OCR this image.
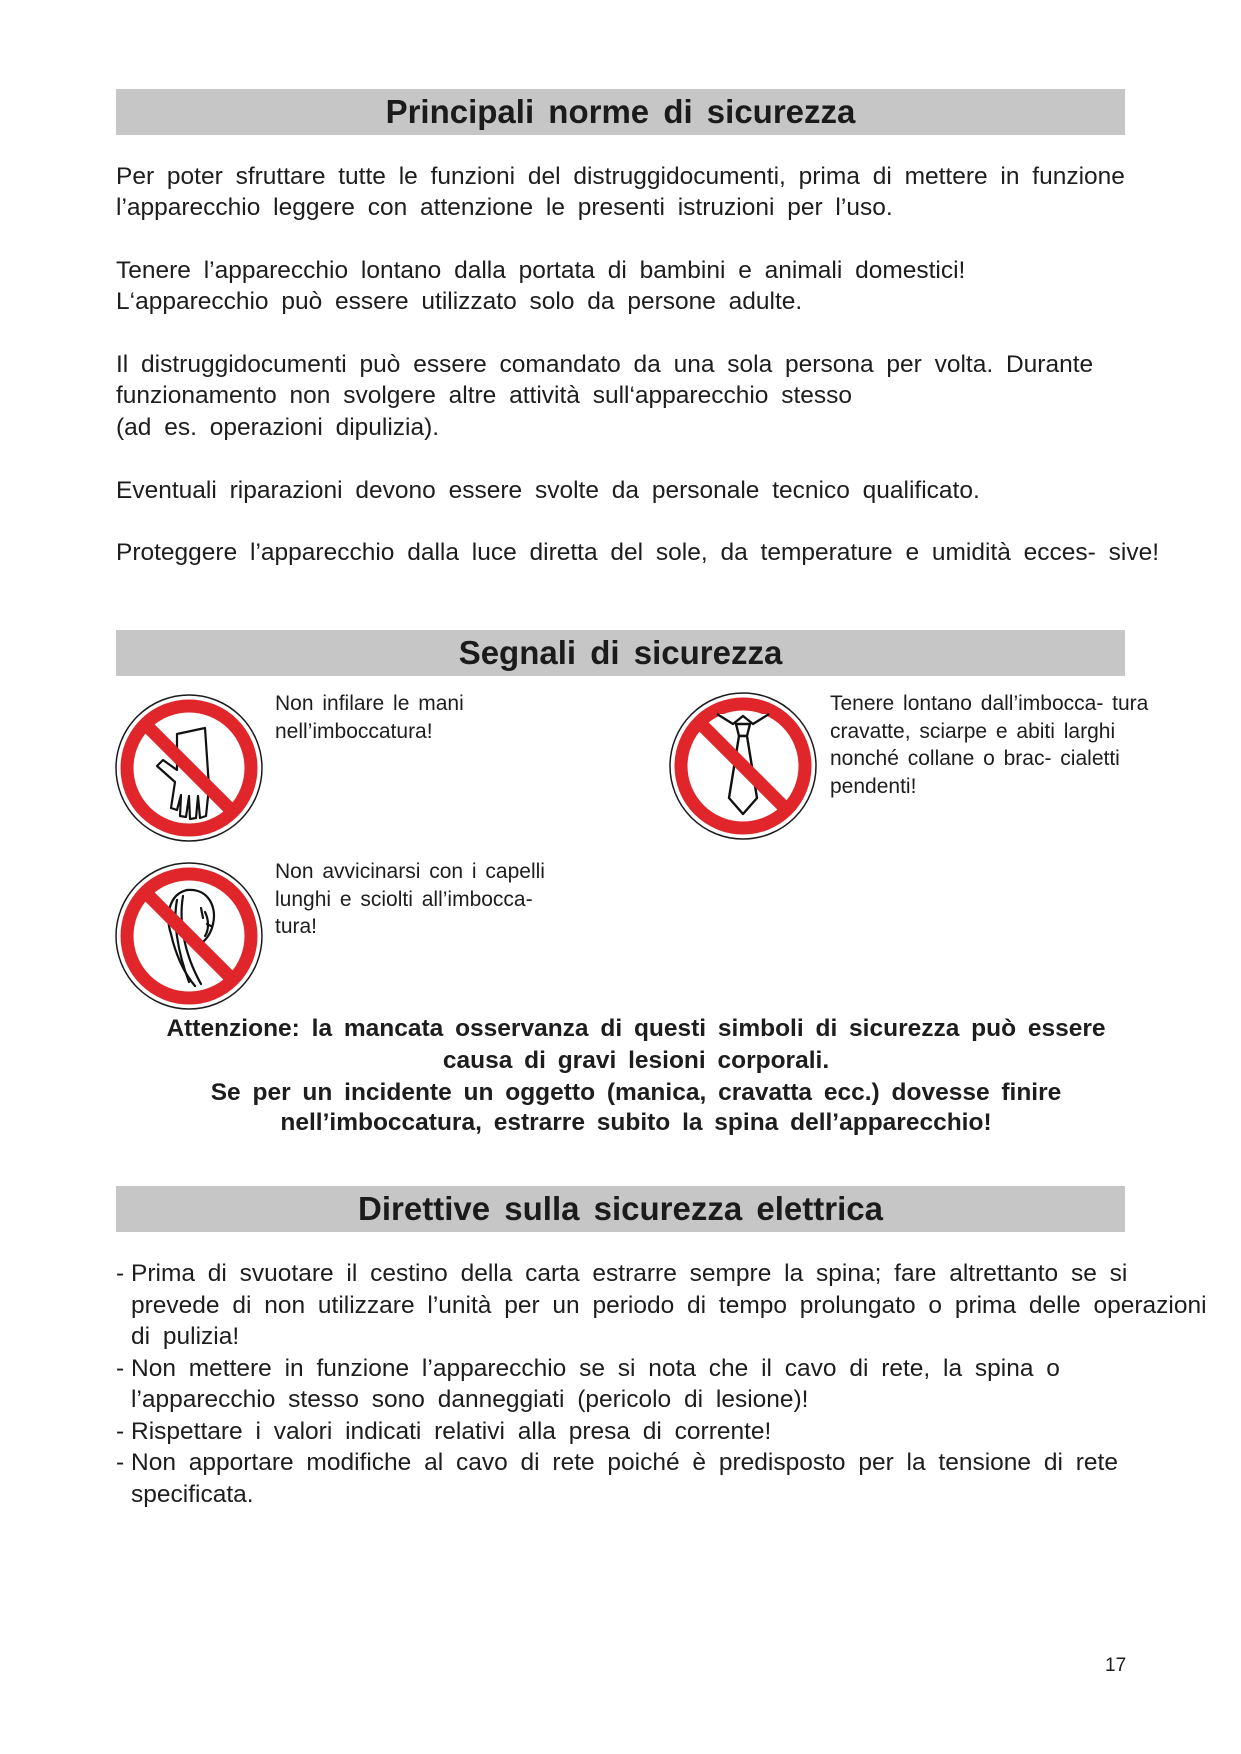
Principali norme di sicurezza

Per poter sfruttare tutte le funzioni del distruggidocumenti, prima di mettere in funzione l’apparecchio leggere con attenzione le presenti istruzioni per l’uso.

Tenere l’apparecchio lontano dalla portata di bambini e animali domestici!

L‘apparecchio può essere utilizzato solo da persone adulte.

Il distruggidocumenti può essere comandato da una sola persona per volta. Durante funzionamento non svolgere altre attività sull‘apparecchio stesso

(ad es. operazioni dipulizia).

Eventuali riparazioni devono essere svolte da personale tecnico qualificato.

Proteggere l’apparecchio dalla luce diretta del sole, da temperature e umidità ecces- sive!

Segnali di sicurezza

Non infilare le mani nell’imboccatura!

Tenere lontano dall’imbocca- tura cravatte, sciarpe e abiti larghi nonché collane o brac- cialetti pendenti!

Non avvicinarsi con i capelli lunghi e sciolti all’imbocca- tura!

Attenzione: la mancata osservanza di questi simboli di sicurezza può essere

causa di gravi lesioni corporali.

Se per un incidente un oggetto (manica, cravatta ecc.) dovesse finire

nell’imboccatura, estrarre subito la spina dell’apparecchio!

Direttive sulla sicurezza elettrica
- Prima di svuotare il cestino della carta estrarre sempre la spina; fare altrettanto se si prevede di non utilizzare l’unità per un periodo di tempo prolungato o prima delle operazioni di pulizia!
- Non mettere in funzione l’apparecchio se si nota che il cavo di rete, la spina o l’apparecchio stesso sono danneggiati (pericolo di lesione)!
- Rispettare i valori indicati relativi alla presa di corrente!
- Non apportare modifiche al cavo di rete poiché è predisposto per la tensione di rete specificata.
17
